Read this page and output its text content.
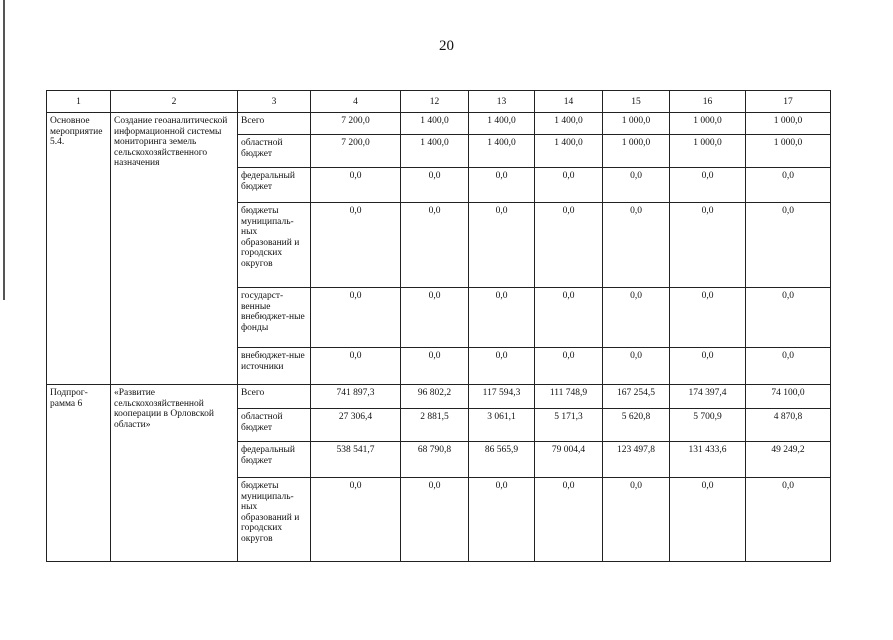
20
1	2	3	4	12	13	14	15	16	17
Основное мероприятие 5.4.	Создание геоаналитической информационной системы мониторинга земель сельскохозяйственного назначения	Всего	7 200,0	1 400,0	1 400,0	1 400,0	1 000,0	1 000,0	1 000,0
		областной бюджет	7 200,0	1 400,0	1 400,0	1 400,0	1 000,0	1 000,0	1 000,0
		федеральный бюджет	0,0	0,0	0,0	0,0	0,0	0,0	0,0
		бюджеты муниципаль-ных образований и городских округов	0,0	0,0	0,0	0,0	0,0	0,0	0,0
		государст-венные внебюджет-ные фонды	0,0	0,0	0,0	0,0	0,0	0,0	0,0
		внебюджет-ные источники	0,0	0,0	0,0	0,0	0,0	0,0	0,0
Подпрог-рамма 6	«Развитие сельскохозяйственной кооперации в Орловской области»	Всего	741 897,3	96 802,2	117 594,3	111 748,9	167 254,5	174 397,4	74 100,0
		областной бюджет	27 306,4	2 881,5	3 061,1	5 171,3	5 620,8	5 700,9	4 870,8
		федеральный бюджет	538 541,7	68 790,8	86 565,9	79 004,4	123 497,8	131 433,6	49 249,2
		бюджеты муниципаль-ных образований и городских округов	0,0	0,0	0,0	0,0	0,0	0,0	0,0
